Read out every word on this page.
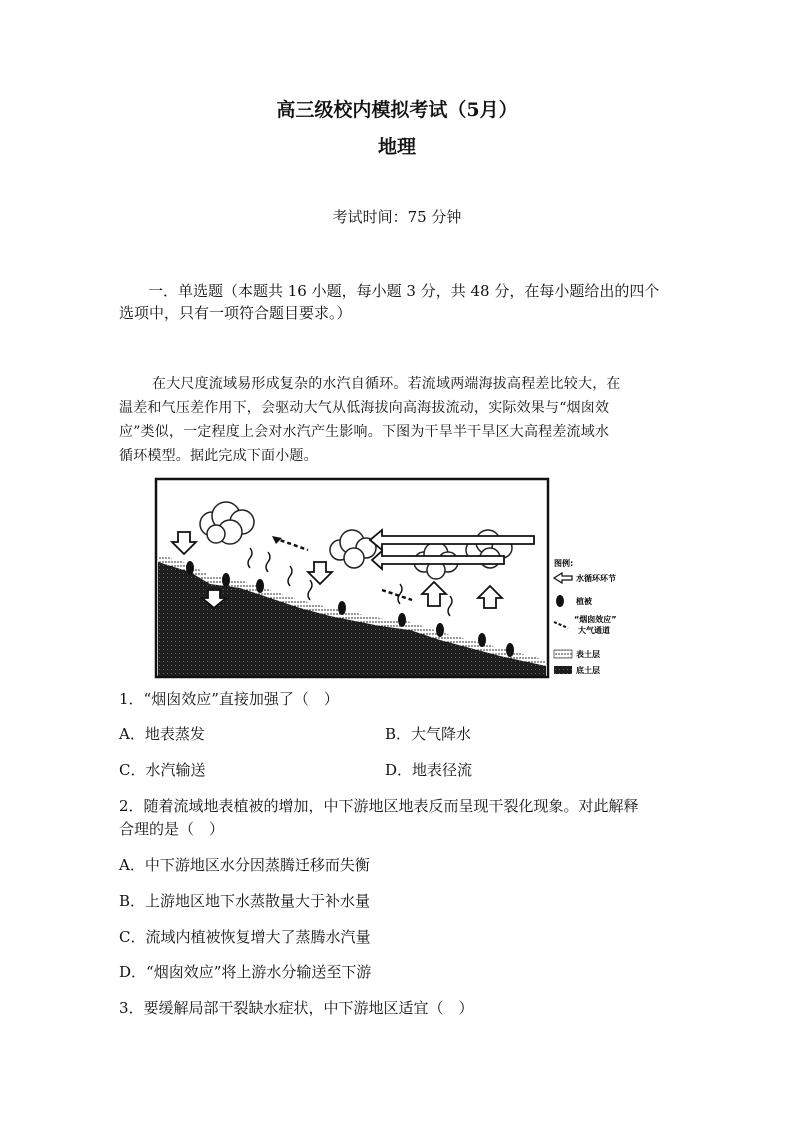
高三级校内模拟考试（5月）
地理
考试时间：75 分钟
一．单选题（本题共 16 小题，每小题 3 分，共 48 分，在每小题给出的四个
选项中，只有一项符合题目要求。）
在大尺度流域易形成复杂的水汽自循环。若流域两端海拔高程差比较大，在
温差和气压差作用下，会驱动大气从低海拔向高海拔流动，实际效果与“烟囱效
应”类似，一定程度上会对水汽产生影响。下图为干旱半干旱区大高程差流域水
循环模型。据此完成下面小题。
图例:
水循环环节
植被
“烟囱效应”
大气通道
表土层
底土层
1．“烟囱效应”直接加强了（　）
A．地表蒸发	B．大气降水
C．水汽输送	D．地表径流
2．随着流域地表植被的增加，中下游地区地表反而呈现干裂化现象。对此解释
合理的是（　）
A．中下游地区水分因蒸腾迁移而失衡
B．上游地区地下水蒸散量大于补水量
C．流域内植被恢复增大了蒸腾水汽量
D．“烟囱效应”将上游水分输送至下游
3．要缓解局部干裂缺水症状，中下游地区适宜（　）
